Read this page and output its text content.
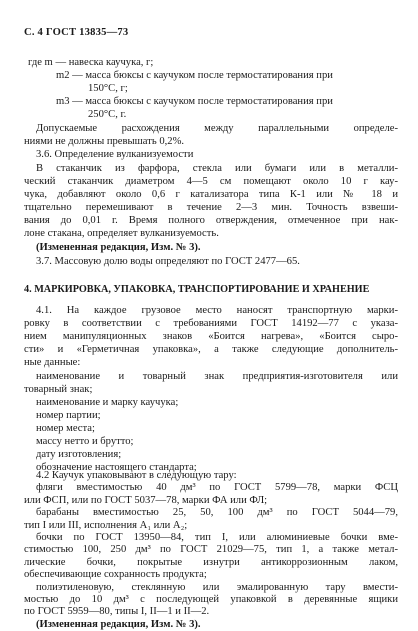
С. 4 ГОСТ 13835—73
где m — навеска каучука, г;
m2 — масса бюксы с каучуком после термостатирования при
150°С, г;
m3 — масса бюксы с каучуком после термостатирования при
250°С, г.
Допускаемые расхождения между параллельными определе-
ниями не должны превышать 0,2%.
3.6. Определение вулканизуемости
В стаканчик из фарфора, стекла или бумаги или в металли-
ческий стаканчик диаметром 4—5 см помещают около 10 г кау-
чука, добавляют около 0,6 г катализатора типа К-1 или № 18 и
тщательно перемешивают в течение 2—3 мин. Точность взвеши-
вания до 0,01 г. Время полного отверждения, отмеченное при нак-
лоне стакана, определяет вулканизуемость.
(Измененная редакция, Изм. № 3).
3.7. Массовую долю воды определяют по ГОСТ 2477—65.
4. МАРКИРОВКА, УПАКОВКА, ТРАНСПОРТИРОВАНИЕ И ХРАНЕНИЕ
4.1. На каждое грузовое место наносят транспортную марки-
ровку в соответствии с требованиями ГОСТ 14192—77 с указа-
нием манипуляционных знаков «Боится нагрева», «Боится сыро-
сти» и «Герметичная упаковка», а также следующие дополнитель-
ные данные:
наименование и товарный знак предприятия-изготовителя или
товарный знак;
наименование и марку каучука;
номер партии;
номер места;
массу нетто и брутто;
дату изготовления;
обозначение настоящего стандарта;
4.2 Каучук упаковывают в следующую тару:
фляги вместимостью 40 дм³ по ГОСТ 5799—78, марки ФСЦ
или ФСП, или по ГОСТ 5037—78, марки ФА или ФЛ;
барабаны вместимостью 25, 50, 100 дм³ по ГОСТ 5044—79,
тип I или III, исполнения А₁ или А₂;
бочки по ГОСТ 13950—84, тип I, или алюминиевые бочки вме-
стимостью 100, 250 дм³ по ГОСТ 21029—75, тип 1, а также метал-
лические бочки, покрытые изнутри антикоррозионным лаком,
обеспечивающие сохранность продукта;
полиэтиленовую, стеклянную или эмалированную тару вмести-
мостью до 10 дм³ с последующей упаковкой в деревянные ящики
по ГОСТ 5959—80, типы I, II—1 и II—2.
(Измененная редакция, Изм. № 3).
